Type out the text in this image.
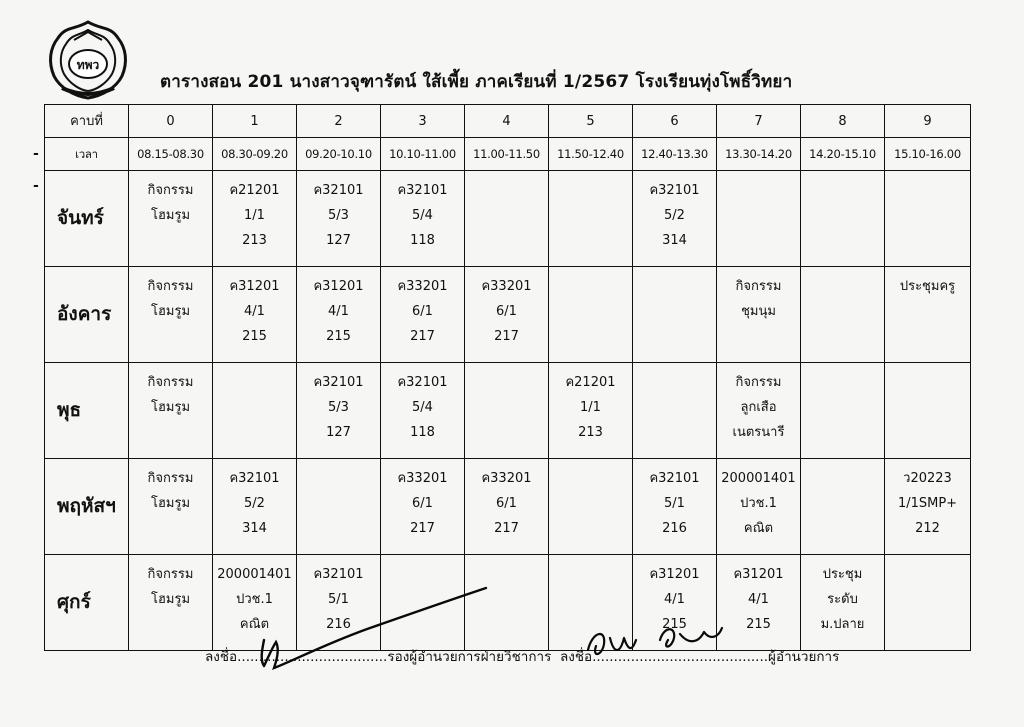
ทพว
ตารางสอน 201 นางสาวจุฑารัตน์ ใส้เพี้ย ภาคเรียนที่ 1/2567 โรงเรียนทุ่งโพธิ์วิทยา
-
-
คาบที่	0	1	2	3	4	5	6	7	8	9
เวลา	08.15-08.30	08.30-09.20	09.20-10.10	10.10-11.00	11.00-11.50	11.50-12.40	12.40-13.30	13.30-14.20	14.20-15.10	15.10-16.00
จันทร์	กิจกรรม
โฮมรูม	ค21201
1/1
213	ค32101
5/3
127	ค32101
5/4
118			ค32101
5/2
314			

อังคาร	กิจกรรม
โฮมรูม	ค31201
4/1
215	ค31201
4/1
215	ค33201
6/1
217	ค33201
6/1
217			กิจกรรม
ชุมนุม		ประชุมครู

พุธ	กิจกรรม
โฮมรูม		ค32101
5/3
127	ค32101
5/4
118		ค21201
1/1
213		กิจกรรม
ลูกเสือ
เนตรนารี		

พฤหัสฯ	กิจกรรม
โฮมรูม	ค32101
5/2
314		ค33201
6/1
217	ค33201
6/1
217		ค32101
5/1
216	200001401
ปวช.1
คณิต		ว20223
1/1SMP+
212

ศุกร์	กิจกรรม
โฮมรูม	200001401
ปวช.1
คณิต	ค32101
5/1
216				ค31201
4/1
215	ค31201
4/1
215	ประชุม
ระดับ
ม.ปลาย	

ลงชื่อ...................................รองผู้อำนวยการฝ่ายวิชาการ ลงชื่อ.........................................ผู้อำนวยการ
